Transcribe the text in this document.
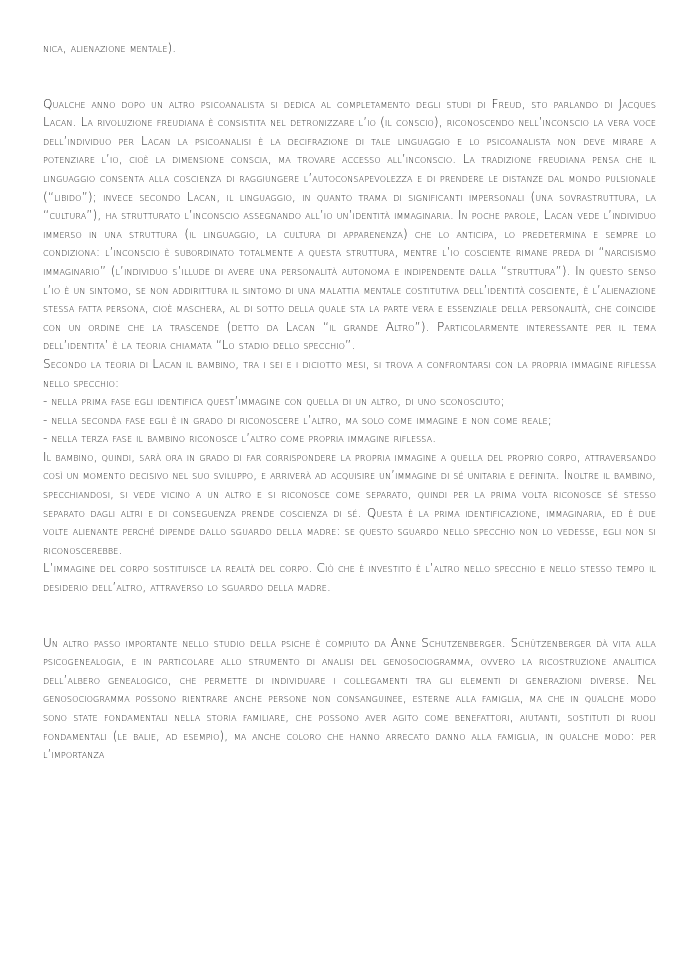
nica, alienazione mentale).

Qualche anno dopo un altro psicoanalista si dedica al completamento degli studi di Freud, sto parlando di Jacques Lacan. La rivoluzione freudiana è consistita nel detronizzare l’io (il conscio), riconoscendo nell’inconscio la vera voce dell’individuo per Lacan la psicoanalisi è la decifrazione di tale linguaggio e lo psicoanalista non deve mirare a potenziare l’io, cioè la dimensione conscia, ma trovare accesso all’inconscio. La tradizione freudiana pensa che il linguaggio consenta alla coscienza di raggiungere l’autoconsapevolezza e di prendere le distanze dal mondo pulsionale (“libido”); invece secondo Lacan, il linguaggio, in quanto trama di significanti impersonali (una sovrastruttura, la “cultura”), ha strutturato l’inconscio assegnando all’io un’identità immaginaria. In poche parole, Lacan vede l’individuo immerso in una struttura (il linguaggio, la cultura di apparenenza) che lo anticipa, lo predetermina e sempre lo condiziona: l’inconscio è subordinato totalmente a questa struttura, mentre l’io cosciente rimane preda di “narcisismo immaginario” (l’individuo s’illude di avere una personalità autonoma e indipendente dalla “struttura”). In questo senso l’io è un sintomo, se non addirittura il sintomo di una malattia mentale costitutiva dell’identità cosciente, è l’alienazione stessa fatta persona, cioè maschera, al di sotto della quale sta la parte vera e essenziale della personalità, che coincide con un ordine che la trascende (detto da Lacan “il grande Altro”). Particolarmente interessante per il tema dell’identita’ è la teoria chiamata “Lo stadio dello specchio”.

Secondo la teoria di Lacan il bambino, tra i sei e i diciotto mesi, si trova a confrontarsi con la propria immagine riflessa nello specchio:

- nella prima fase egli identifica quest’immagine con quella di un altro, di uno sconosciuto;

- nella seconda fase egli è in grado di riconoscere l’altro, ma solo come immagine e non come reale;

- nella terza fase il bambino riconosce l’altro come propria immagine riflessa.

Il bambino, quindi, sarà ora in grado di far corrispondere la propria immagine a quella del proprio corpo, attraversando così un momento decisivo nel suo sviluppo, e arriverà ad acquisire un’immagine di sé unitaria e definita. Inoltre il bambino, specchiandosi, si vede vicino a un altro e si riconosce come separato, quindi per la prima volta riconosce sé stesso separato dagli altri e di conseguenza prende coscienza di sé. Questa è la prima identificazione, immaginaria, ed è due volte alienante perché dipende dallo sguardo della madre: se questo sguardo nello specchio non lo vedesse, egli non si riconoscerebbe.

L’immagine del corpo sostituisce la realtà del corpo. Ciò che è investito è l’altro nello specchio e nello stesso tempo il desiderio dell’altro, attraverso lo sguardo della madre.

Un altro passo importante nello studio della psiche è compiuto da Anne Schutzenberger. Schützenberger dà vita alla psicogenealogia, e in particolare allo strumento di analisi del genosociogramma, ovvero la ricostruzione analitica dell’albero genealogico, che permette di individuare i collegamenti tra gli elementi di generazioni diverse. Nel genosociogramma possono rientrare anche persone non consanguinee, esterne alla famiglia, ma che in qualche modo sono state fondamentali nella storia familiare, che possono aver agito come benefattori, aiutanti, sostituti di ruoli fondamentali (le balie, ad esempio), ma anche coloro che hanno arrecato danno alla famiglia, in qualche modo: per l’importanza
